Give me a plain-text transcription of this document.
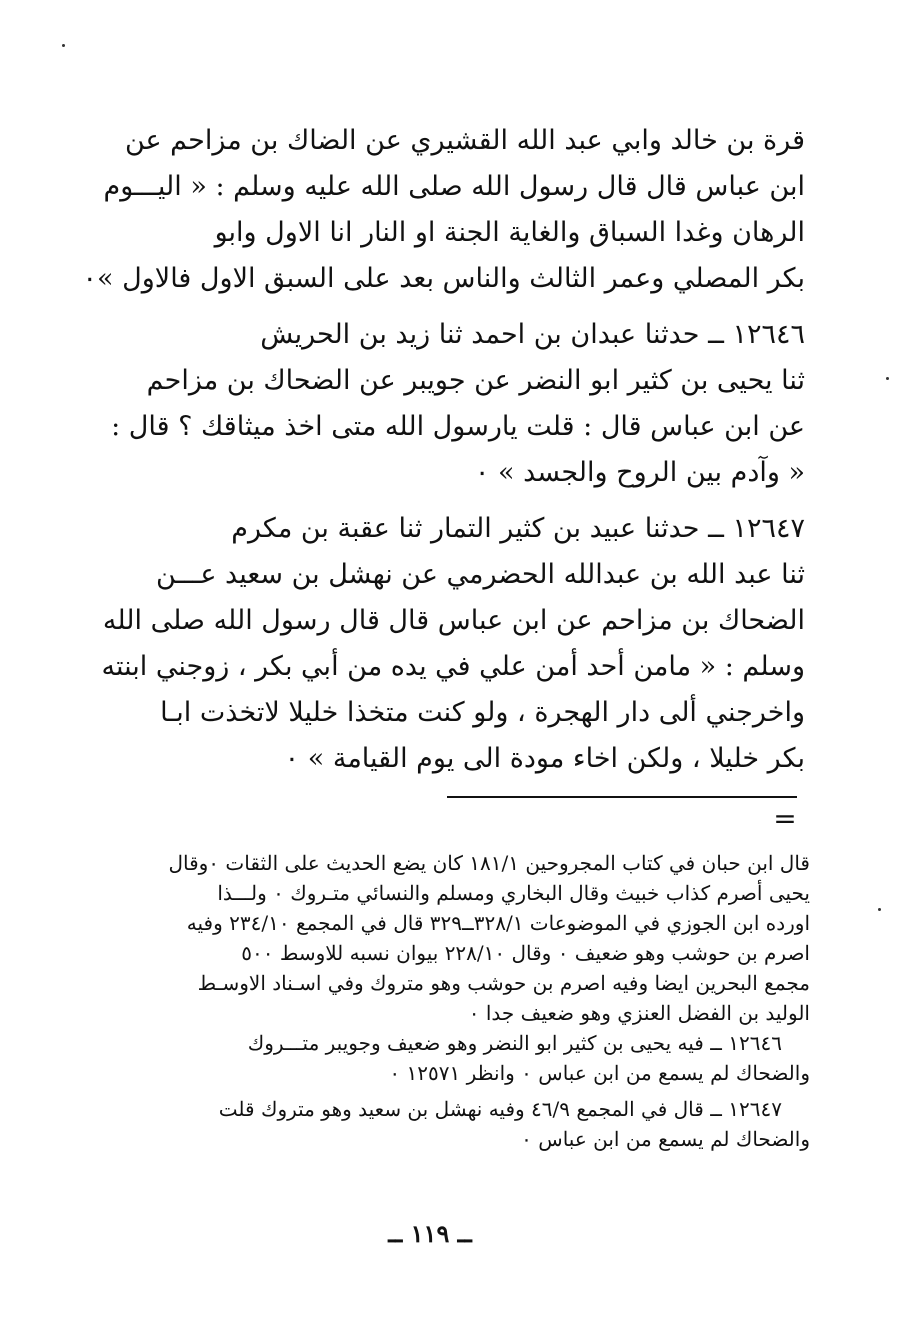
قرة بن خالد وابي عبد الله القشيري عن الضاك بن مزاحم عن
ابن عباس قال قال رسول الله صلى الله عليه وسلم : « اليـــوم
الرهان وغدا السباق والغاية الجنة او النار انا الاول وابو
بكر المصلي وعمر الثالث والناس بعد على السبق الاول فالاول »٠
١٢٦٤٦ ــ حدثنا عبدان بن احمد ثنا زيد بن الحريش
ثنا يحيى بن كثير ابو النضر عن جويبر عن الضحاك بن مزاحم
عن ابن عباس قال : قلت يارسول الله متى اخذ ميثاقك ؟ قال :
« وآدم بين الروح والجسد » ٠
١٢٦٤٧ ــ حدثنا عبيد بن كثير التمار ثنا عقبة بن مكرم
ثنا عبد الله بن عبدالله الحضرمي عن نهشل بن سعيد عـــن
الضحاك بن مزاحم عن ابن عباس قال قال رسول الله صلى الله
وسلم : « مامن أحد أمن علي في يده من أبي بكر ، زوجني ابنته
واخرجني ألى دار الهجرة ، ولو كنت متخذا خليلا لاتخذت ابـا
بكر خليلا ، ولكن اخاء مودة الى يوم القيامة » ٠
=
قال ابن حبان في كتاب المجروحين ١٨١/١ كان يضع الحديث على الثقات ٠وقال
يحيى أصرم كذاب خبيث وقال البخاري ومسلم والنسائي متـروك ٠ ولـــذا
اورده ابن الجوزي في الموضوعات ٣٢٨/١ــ٣٢٩ قال في المجمع ٢٣٤/١٠ وفيه
اصرم بن حوشب وهو ضعيف ٠ وقال ٢٢٨/١٠ بيوان نسبه للاوسط ٥٠٠
مجمع البحرين ايضا وفيه اصرم بن حوشب وهو متروك وفي اسـناد الاوسـط
الوليد بن الفضل العنزي وهو ضعيف جدا ٠
١٢٦٤٦ ــ فيه يحيى بن كثير ابو النضر وهو ضعيف وجويبر متـــروك
والضحاك لم يسمع من ابن عباس ٠ وانظر ١٢٥٧١ ٠
١٢٦٤٧ ــ قال في المجمع ٤٦/٩ وفيه نهشل بن سعيد وهو متروك قلت
والضحاك لم يسمع من ابن عباس ٠
ــ ١١٩ ــ
